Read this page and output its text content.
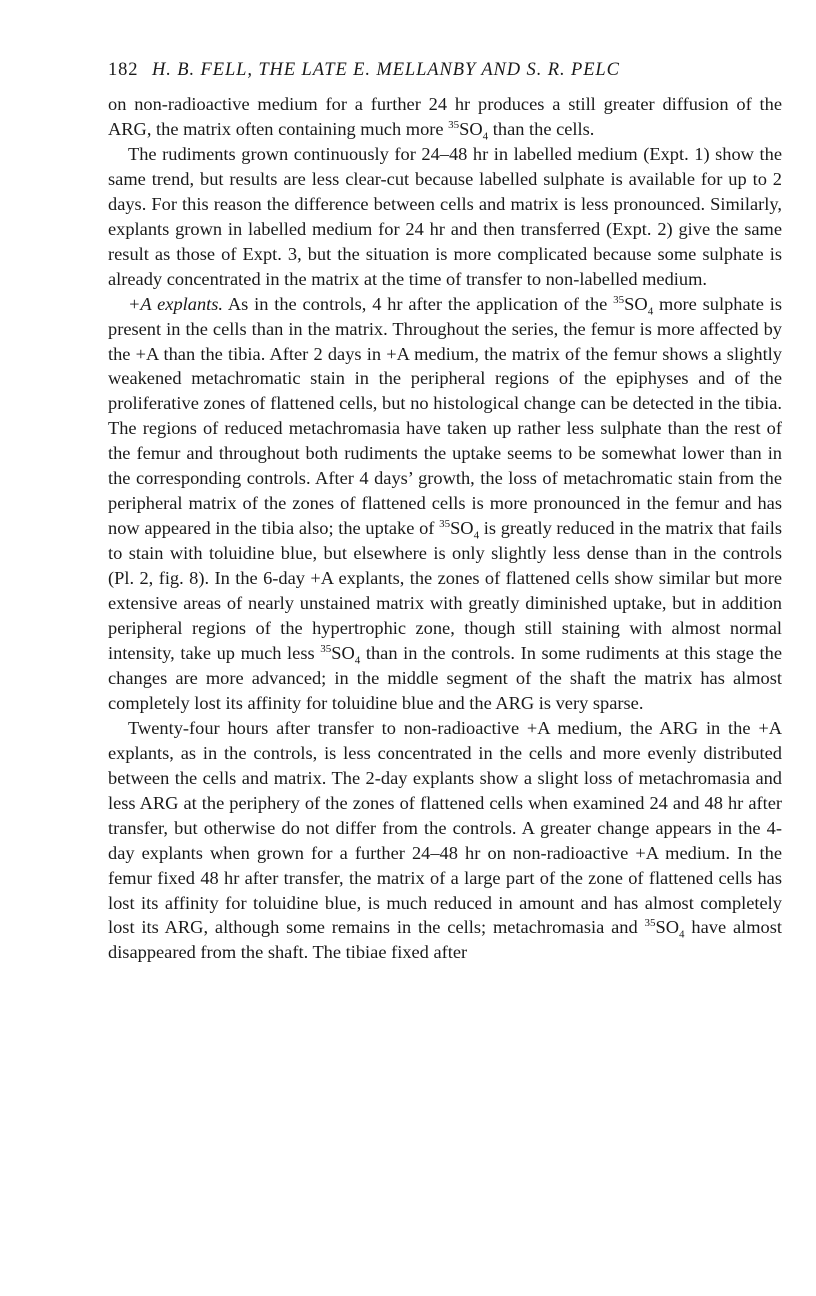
182 H. B. FELL, THE LATE E. MELLANBY AND S. R. PELC

on non-radioactive medium for a further 24 hr produces a still greater diffusion of the ARG, the matrix often containing much more $^{35}SO_4$ than the cells.

The rudiments grown continuously for 24–48 hr in labelled medium (Expt. 1) show the same trend, but results are less clear-cut because labelled sulphate is available for up to 2 days. For this reason the difference between cells and matrix is less pronounced. Similarly, explants grown in labelled medium for 24 hr and then transferred (Expt. 2) give the same result as those of Expt. 3, but the situation is more complicated because some sulphate is already concentrated in the matrix at the time of transfer to non-labelled medium.

+A explants. As in the controls, 4 hr after the application of the $^{35}SO_4$ more sulphate is present in the cells than in the matrix. Throughout the series, the femur is more affected by the +A than the tibia. After 2 days in +A medium, the matrix of the femur shows a slightly weakened metachromatic stain in the peripheral regions of the epiphyses and of the proliferative zones of flattened cells, but no histological change can be detected in the tibia. The regions of reduced metachromasia have taken up rather less sulphate than the rest of the femur and throughout both rudiments the uptake seems to be somewhat lower than in the corresponding controls. After 4 days’ growth, the loss of metachromatic stain from the peripheral matrix of the zones of flattened cells is more pronounced in the femur and has now appeared in the tibia also; the uptake of $^{35}SO_4$ is greatly reduced in the matrix that fails to stain with toluidine blue, but elsewhere is only slightly less dense than in the controls (Pl. 2, fig. 8). In the 6-day +A explants, the zones of flattened cells show similar but more extensive areas of nearly unstained matrix with greatly diminished uptake, but in addition peripheral regions of the hypertrophic zone, though still staining with almost normal intensity, take up much less $^{35}SO_4$ than in the controls. In some rudiments at this stage the changes are more advanced; in the middle segment of the shaft the matrix has almost completely lost its affinity for toluidine blue and the ARG is very sparse.

Twenty-four hours after transfer to non-radioactive +A medium, the ARG in the +A explants, as in the controls, is less concentrated in the cells and more evenly distributed between the cells and matrix. The 2-day explants show a slight loss of metachromasia and less ARG at the periphery of the zones of flattened cells when examined 24 and 48 hr after transfer, but otherwise do not differ from the controls. A greater change appears in the 4-day explants when grown for a further 24–48 hr on non-radioactive +A medium. In the femur fixed 48 hr after transfer, the matrix of a large part of the zone of flattened cells has lost its affinity for toluidine blue, is much reduced in amount and has almost completely lost its ARG, although some remains in the cells; metachromasia and $^{35}SO_4$ have almost disappeared from the shaft. The tibiae fixed after
